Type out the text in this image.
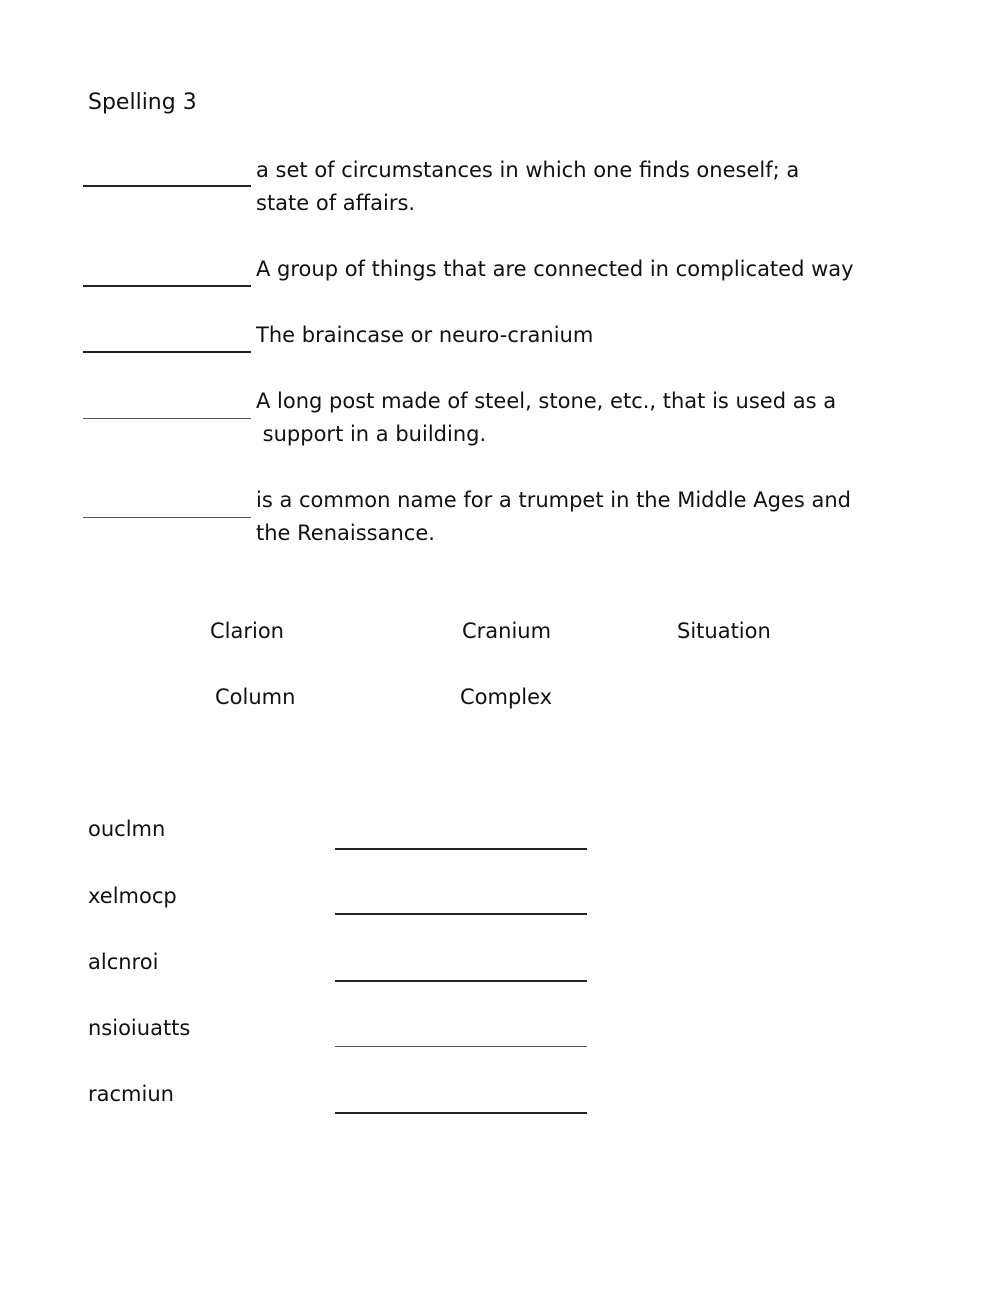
Spelling 3
a set of circumstances in which one finds oneself; a
state of affairs.
A group of things that are connected in complicated way
The braincase or neuro-cranium
A long post made of steel, stone, etc., that is used as a
support in a building.
is a common name for a trumpet in the Middle Ages and
the Renaissance.
Clarion	Cranium	Situation
Column	Complex
ouclmn
xelmocp
alcnroi
nsioiuatts
racmiun
